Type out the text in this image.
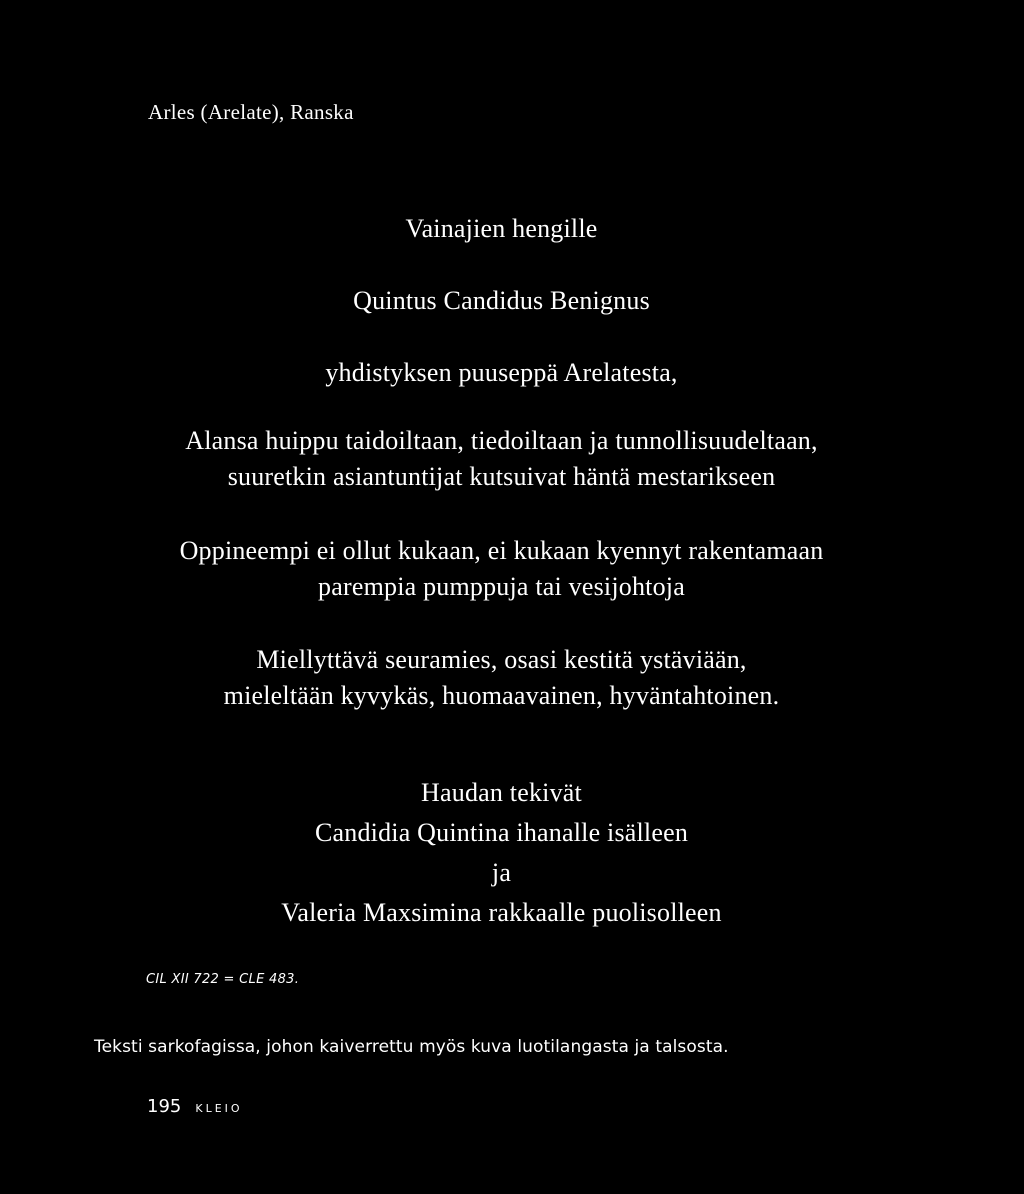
Arles (Arelate), Ranska
Vainajien hengille
Quintus Candidus Benignus
yhdistyksen puuseppä Arelatesta,
Alansa huippu taidoiltaan, tiedoiltaan ja tunnollisuudeltaan,
suuretkin asiantuntijat kutsuivat häntä mestarikseen
Oppineempi ei ollut kukaan, ei kukaan kyennyt rakentamaan
parempia pumppuja tai vesijohtoja
Miellyttävä seuramies, osasi kestitä ystäviään,
mieleltään kyvykäs, huomaavainen, hyväntahtoinen.
Haudan tekivät
Candidia Quintina ihanalle isälleen
ja
Valeria Maxsimina rakkaalle puolisolleen
CIL XII 722 = CLE 483.
Teksti sarkofagissa, johon kaiverrettu myös kuva luotilangasta ja talsosta.
195 KLEIO
